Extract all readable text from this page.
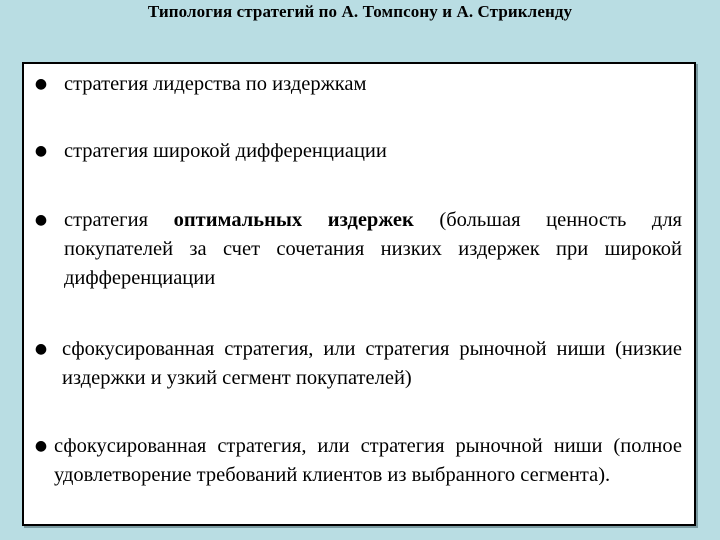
Типология стратегий по А. Томпсону и А. Стрикленду
● стратегия лидерства по издержкам
● стратегия широкой дифференциации
● стратегия оптимальных издержек (большая ценность для покупателей за счет сочетания низких издержек при широкой дифференциации
● сфокусированная стратегия, или стратегия рыночной ниши (низкие издержки и узкий сегмент покупателей)
● сфокусированная стратегия, или стратегия рыночной ниши (полное удовлетворение требований клиентов из выбранного сегмента).
